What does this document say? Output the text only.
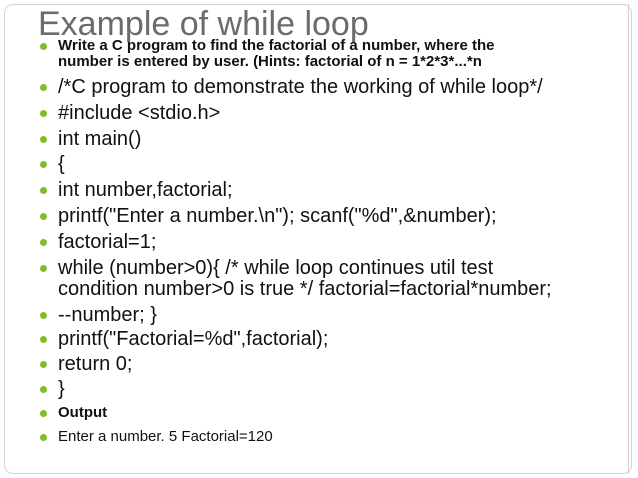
Example of while loop
Write a C program to find the factorial of a number, where the
number is entered by user. (Hints: factorial of n = 1*2*3*...*n
/*C program to demonstrate the working of while loop*/
#include <stdio.h>
int main()
{
int number,factorial;
printf("Enter a number.\n"); scanf("%d",&number);
factorial=1;
while (number>0){ /* while loop continues util test
condition number>0 is true */ factorial=factorial*number;
--number; }
printf("Factorial=%d",factorial);
return 0;
}
Output
Enter a number. 5 Factorial=120
